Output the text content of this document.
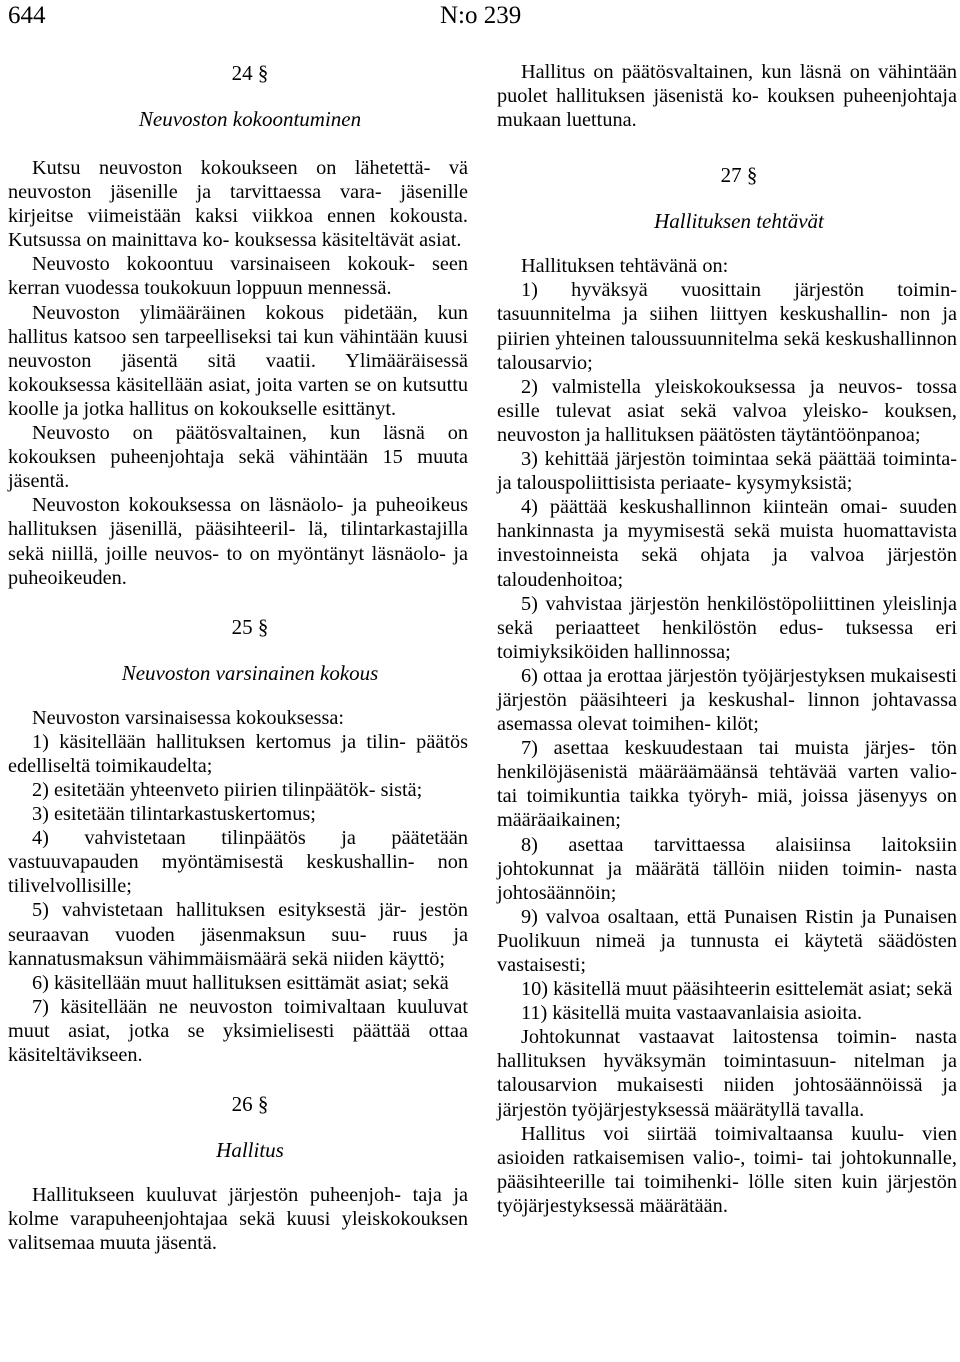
644	N:o 239

24 §

Neuvoston kokoontuminen

Kutsu neuvoston kokoukseen on lähetettä- vä neuvoston jäsenille ja tarvittaessa vara- jäsenille kirjeitse viimeistään kaksi viikkoa ennen kokousta. Kutsussa on mainittava ko- kouksessa käsiteltävät asiat.

Neuvosto kokoontuu varsinaiseen kokouk- seen kerran vuodessa toukokuun loppuun mennessä.

Neuvoston ylimääräinen kokous pidetään, kun hallitus katsoo sen tarpeelliseksi tai kun vähintään kuusi neuvoston jäsentä sitä vaatii. Ylimääräisessä kokouksessa käsitellään asiat, joita varten se on kutsuttu koolle ja jotka hallitus on kokoukselle esittänyt.

Neuvosto on päätösvaltainen, kun läsnä on kokouksen puheenjohtaja sekä vähintään 15 muuta jäsentä.

Neuvoston kokouksessa on läsnäolo- ja puheoikeus hallituksen jäsenillä, pääsihteeril- lä, tilintarkastajilla sekä niillä, joille neuvos- to on myöntänyt läsnäolo- ja puheoikeuden.

25 §

Neuvoston varsinainen kokous

Neuvoston varsinaisessa kokouksessa:

1) käsitellään hallituksen kertomus ja tilin- päätös edelliseltä toimikaudelta;

2) esitetään yhteenveto piirien tilinpäätök- sistä;

3) esitetään tilintarkastuskertomus;

4) vahvistetaan tilinpäätös ja päätetään vastuuvapauden myöntämisestä keskushallin- non tilivelvollisille;

5) vahvistetaan hallituksen esityksestä jär- jestön seuraavan vuoden jäsenmaksun suu- ruus ja kannatusmaksun vähimmäismäärä sekä niiden käyttö;

6) käsitellään muut hallituksen esittämät asiat; sekä

7) käsitellään ne neuvoston toimivaltaan kuuluvat muut asiat, jotka se yksimielisesti päättää ottaa käsiteltävikseen.

26 §

Hallitus

Hallitukseen kuuluvat järjestön puheenjoh- taja ja kolme varapuheenjohtajaa sekä kuusi yleiskokouksen valitsemaa muuta jäsentä.

Hallitus on päätösvaltainen, kun läsnä on vähintään puolet hallituksen jäsenistä ko- kouksen puheenjohtaja mukaan luettuna.

27 §

Hallituksen tehtävät

Hallituksen tehtävänä on:

1) hyväksyä vuosittain järjestön toimin- tasuunnitelma ja siihen liittyen keskushallin- non ja piirien yhteinen taloussuunnitelma sekä keskushallinnon talousarvio;

2) valmistella yleiskokouksessa ja neuvos- tossa esille tulevat asiat sekä valvoa yleisko- kouksen, neuvoston ja hallituksen päätösten täytäntöönpanoa;

3) kehittää järjestön toimintaa sekä päättää toiminta- ja talouspoliittisista periaate- kysymyksistä;

4) päättää keskushallinnon kiinteän omai- suuden hankinnasta ja myymisestä sekä muista huomattavista investoinneista sekä ohjata ja valvoa järjestön taloudenhoitoa;

5) vahvistaa järjestön henkilöstöpoliittinen yleislinja sekä periaatteet henkilöstön edus- tuksessa eri toimiyksiköiden hallinnossa;

6) ottaa ja erottaa järjestön työjärjestyksen mukaisesti järjestön pääsihteeri ja keskushal- linnon johtavassa asemassa olevat toimihen- kilöt;

7) asettaa keskuudestaan tai muista järjes- tön henkilöjäsenistä määräämäänsä tehtävää varten valio- tai toimikuntia taikka työryh- miä, joissa jäsenyys on määräaikainen;

8) asettaa tarvittaessa alaisiinsa laitoksiin johtokunnat ja määrätä tällöin niiden toimin- nasta johtosäännöin;

9) valvoa osaltaan, että Punaisen Ristin ja Punaisen Puolikuun nimeä ja tunnusta ei käytetä säädösten vastaisesti;

10) käsitellä muut pääsihteerin esittelemät asiat; sekä

11) käsitellä muita vastaavanlaisia asioita.

Johtokunnat vastaavat laitostensa toimin- nasta hallituksen hyväksymän toimintasuun- nitelman ja talousarvion mukaisesti niiden johtosäännöissä ja järjestön työjärjestyksessä määrätyllä tavalla.

Hallitus voi siirtää toimivaltaansa kuulu- vien asioiden ratkaisemisen valio-, toimi- tai johtokunnalle, pääsihteerille tai toimihenki- lölle siten kuin järjestön työjärjestyksessä määrätään.
